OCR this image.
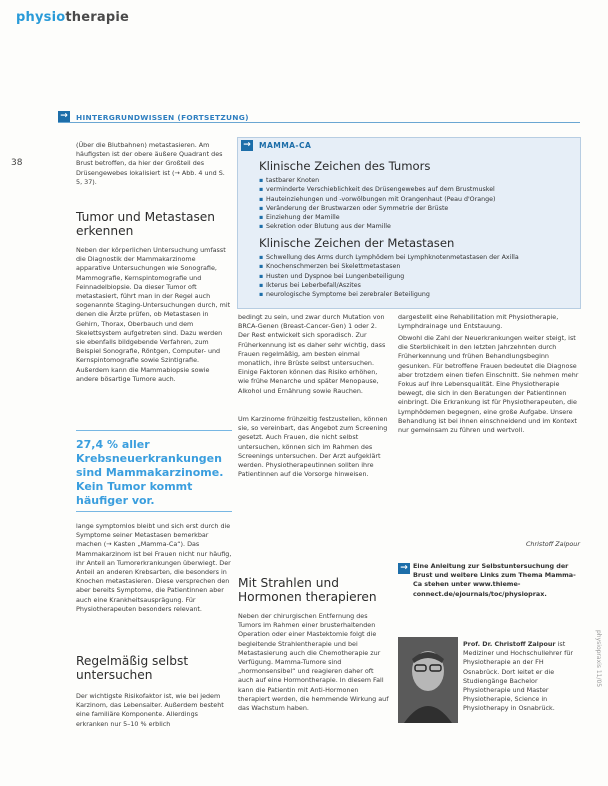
physiotherapie
38
→	HINTERGRUNDWISSEN (FORTSETZUNG)
(Über die Blutbahnen) metastasieren. Am häufigsten ist der obere äußere Quadrant des Brust betroffen, da hier der Großteil des Drüsengewebes lokalisiert ist (→ Abb. 4 und S. 5, 37).
Tumor und Metastasen erkennen
Neben der körperlichen Untersuchung umfasst die Diagnostik der Mammakarzinome apparative Untersuchungen wie Sonografie, Mammografie, Kernspintomografie und Feinnadelbiopsie. Da dieser Tumor oft metastasiert, führt man in der Regel auch sogenannte Staging-Untersuchungen durch, mit denen die Ärzte prüfen, ob Metastasen in Gehirn, Thorax, Oberbauch und dem Skelettsystem aufgetreten sind. Dazu werden sie ebenfalls bildgebende Verfahren, zum Beispiel Sonografie, Röntgen, Computer- und Kernspintomografie sowie Szintigrafie. Außerdem kann die Mammabiopsie sowie andere bösartige Tumore auch.
27,4 % aller Krebsneuerkrankungen sind Mammakarzinome. Kein Tumor kommt häufiger vor.
lange symptomlos bleibt und sich erst durch die Symptome seiner Metastasen bemerkbar machen (→ Kasten „Mamma-Ca“). Das Mammakarzinom ist bei Frauen nicht nur häufig, ihr Anteil an Tumorerkrankungen überwiegt. Der Anteil an anderen Krebsarten, die besonders in Knochen metastasieren. Diese versprechen den aber bereits Symptome, die Patientinnen aber auch eine Krankheitsausprägung. Für Physiotherapeuten besonders relevant.
Regelmäßig selbst untersuchen
Der wichtigste Risikofaktor ist, wie bei jedem Karzinom, das Lebensalter. Außerdem besteht eine familiäre Komponente. Allerdings erkranken nur 5–10 % erblich
→ MAMMA-CA
Klinische Zeichen des Tumors
▪ tastbarer Knoten
▪ verminderte Verschieblichkeit des Drüsengewebes auf dem Brustmuskel
▪ Hauteinziehungen und -vorwölbungen mit Orangenhaut (Peau d'Orange)
▪ Veränderung der Brustwarzen oder Symmetrie der Brüste
▪ Einziehung der Mamille
▪ Sekretion oder Blutung aus der Mamille
Klinische Zeichen der Metastasen
▪ Schwellung des Arms durch Lymphödem bei Lymphknotenmetastasen der Axilla
▪ Knochenschmerzen bei Skelettmetastasen
▪ Husten und Dyspnoe bei Lungenbeteiligung
▪ Ikterus bei Leberbefall/Aszites
▪ neurologische Symptome bei zerebraler Beteiligung
bedingt zu sein, und zwar durch Mutation von BRCA-Genen (Breast-Cancer-Gen) 1 oder 2. Der Rest entwickelt sich sporadisch. Zur Früherkennung ist es daher sehr wichtig, dass Frauen regelmäßig, am besten einmal monatlich, ihre Brüste selbst untersuchen. Einige Faktoren können das Risiko erhöhen, wie frühe Menarche und später Menopause, Alkohol und Ernährung sowie Rauchen.
Um Karzinome frühzeitig festzustellen, können sie, so vereinbart, das Angebot zum Screening gesetzt. Auch Frauen, die nicht selbst untersuchen, können sich im Rahmen des Screenings untersuchen. Der Arzt aufgeklärt werden. Physiotherapeutinnen sollten ihre Patientinnen auf die Vorsorge hinweisen.
Mit Strahlen und Hormonen therapieren
Neben der chirurgischen Entfernung des Tumors im Rahmen einer brusterhaltenden Operation oder einer Mastektomie folgt die begleitende Strahlentherapie und bei Metastasierung auch die Chemotherapie zur Verfügung. Mamma-Tumore sind „hormonsensibel“ und reagieren daher oft auch auf eine Hormontherapie. In diesem Fall kann die Patientin mit Anti-Hormonen therapiert werden, die hemmende Wirkung auf das Wachstum haben.
dargestellt eine Rehabilitation mit Physiotherapie, Lymphdrainage und Entstauung.
Obwohl die Zahl der Neuerkrankungen weiter steigt, ist die Sterblichkeit in den letzten Jahrzehnten durch Früherkennung und frühen Behandlungsbeginn gesunken. Für betroffene Frauen bedeutet die Diagnose aber trotzdem einen tiefen Einschnitt. Sie nehmen mehr Fokus auf ihre Lebensqualität. Eine Physiotherapie bewegt, die sich in den Beratungen der Patientinnen einbringt. Die Erkrankung ist für Physiotherapeuten, die Lymphödemen begegnen, eine große Aufgabe. Unsere Behandlung ist bei ihnen einschneidend und im Kontext nur gemeinsam zu führen und wertvoll.
Christoff Zalpour
→ Eine Anleitung zur Selbstuntersuchung der Brust und weitere Links zum Thema Mamma-Ca stehen unter www.thieme-connect.de/ejournals/toc/physioprax.
Prof. Dr. Christoff Zalpour ist Mediziner und Hochschullehrer für Physiotherapie an der FH Osnabrück. Dort leitet er die Studiengänge Bachelor Physiotherapie und Master Physiotherapie, Science in Physiotherapy in Osnabrück.
physiopraxis 11/05
